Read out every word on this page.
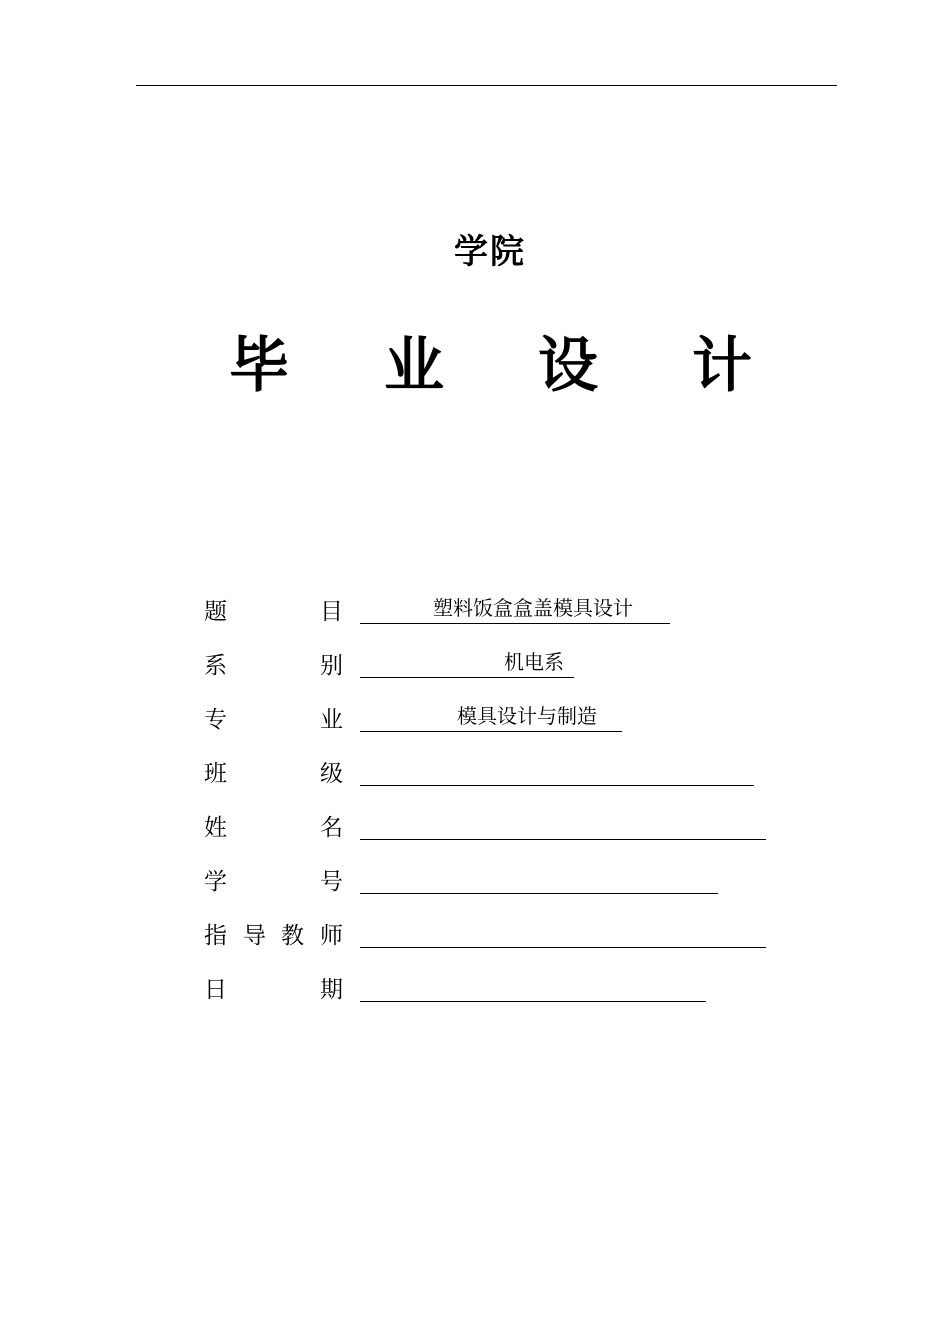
学院
毕 业 设 计
题	目	塑料饭盒盒盖模具设计
系	别	机电系
专	业	模具设计与制造
班	级
姓	名
学	号
指 导 教 师
日	期
